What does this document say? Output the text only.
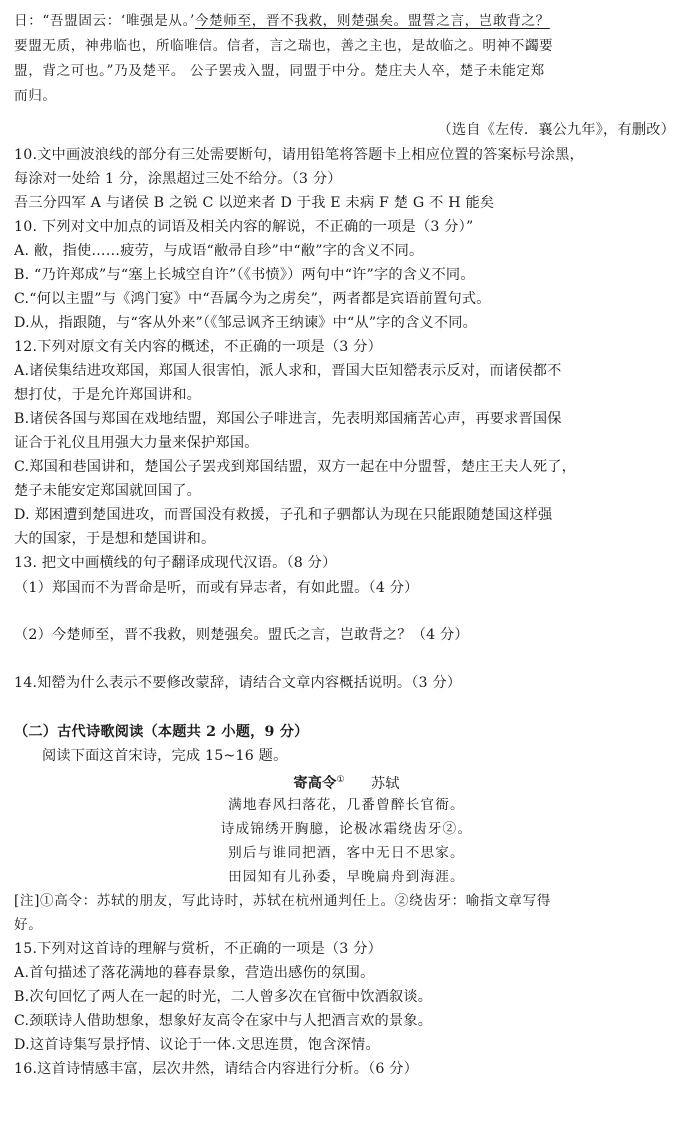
日：“吾盟固云：‘唯强是从。’今楚师至，晋不我救，则楚强矣。盟誓之言，岂敢背之？
要盟无质，神弗临也，所临唯信。信者，言之瑞也，善之主也，是故临之。明神不蠲要
盟，背之可也。”乃及楚平。 公子罢戎入盟，同盟于中分。楚庄夫人卒，楚子未能定郑
而归。
（选自《左传．襄公九年》，有删改）
10.文中画波浪线的部分有三处需要断句，请用铅笔将答题卡上相应位置的答案标号涂黑，
每涂对一处给 1 分，涂黑超过三处不给分。（3 分）
吾三分四军 A 与诸侯 B 之锐 C 以逆来者 D 于我 E 未病 F 楚 G 不 H 能矣
10. 下列对文中加点的词语及相关内容的解说，不正确的一项是（3 分）”
A. 敝，指使……疲劳，与成语“敝帚自珍”中“敝”字的含义不同。
B. “乃许郑成”与“塞上长城空自许”（《书愤》）两句中“许”字的含义不同。
C.“何以主盟”与《鸿门宴》中“吾属今为之虏矣”，两者都是宾语前置句式。
D.从，指跟随，与“客从外来”（《邹忌讽齐王纳谏》中“从”字的含义不同。
12.下列对原文有关内容的概述，不正确的一项是（3 分）
A.诸侯集结进攻郑国，郑国人很害怕，派人求和，晋国大臣知罃表示反对，而诸侯都不
想打仗，于是允许郑国讲和。
B.诸侯各国与郑国在戏地结盟，郑国公子啡进言，先表明郑国痛苦心声，再要求晋国保
证合于礼仪且用强大力量来保护郑国。
C.郑国和巷国讲和，楚国公子罢戎到郑国结盟，双方一起在中分盟誓，楚庄王夫人死了，
楚子未能安定郑国就回国了。
D. 郑困遭到楚国进攻，而晋国没有救援，子孔和子驷都认为现在只能跟随楚国这样强
大的国家，于是想和楚国讲和。
13. 把文中画横线的句子翻译成现代汉语。（8 分）
（1）郑国而不为晋命是听，而或有异志者，有如此盟。（4 分）
（2）今楚师至，晋不我救，则楚强矣。盟氏之言，岂敢背之？（4 分）
14.知罃为什么表示不要修改蒙辞，请结合文章内容概括说明。（3 分）
（二）古代诗歌阅读（本题共 2 小题，9 分）
阅读下面这首宋诗，完成 15~16 题。
寄高令① 苏轼
满地春风扫落花，几番曾醉长官衙。
诗成锦绣开胸臆，论极冰霜绕齿牙②。
别后与谁同把酒，客中无日不思家。
田园知有儿孙委，早晚扁舟到海涯。
[注]①高令：苏轼的朋友，写此诗时，苏轼在杭州通判任上。②绕齿牙：喻指文章写得
好。
15.下列对这首诗的理解与赏析，不正确的一项是（3 分）
A.首句描述了落花满地的暮春景象，营造出感伤的氛围。
B.次句回忆了两人在一起的时光，二人曾多次在官衙中饮酒叙谈。
C.颈联诗人借助想象，想象好友高令在家中与人把酒言欢的景象。
D.这首诗集写景抒情、议论于一体.文思连贯，饱含深情。
16.这首诗情感丰富，层次井然，请结合内容进行分析。（6 分）
